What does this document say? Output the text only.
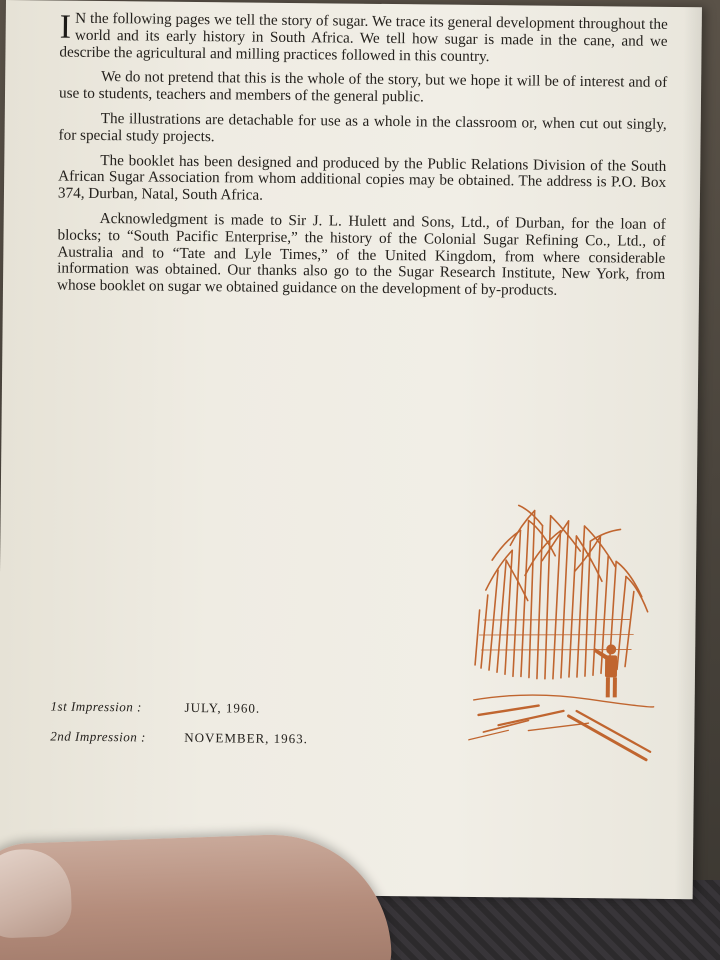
I N the following pages we tell the story of sugar. We trace its general development throughout the world and its early history in South Africa. We tell how sugar is made in the cane, and we describe the agricultural and milling practices followed in this country.

We do not pretend that this is the whole of the story, but we hope it will be of interest and of use to students, teachers and members of the general public.

The illustrations are detachable for use as a whole in the classroom or, when cut out singly, for special study projects.

The booklet has been designed and produced by the Public Relations Division of the South African Sugar Association from whom additional copies may be obtained. The address is P.O. Box 374, Durban, Natal, South Africa.

Acknowledgment is made to Sir J. L. Hulett and Sons, Ltd., of Durban, for the loan of blocks; to “South Pacific Enterprise,” the history of the Colonial Sugar Refining Co., Ltd., of Australia and to “Tate and Lyle Times,” of the United Kingdom, from where considerable information was obtained. Our thanks also go to the Sugar Research Institute, New York, from whose booklet on sugar we obtained guidance on the development of by-products.

1st Impression :	JULY, 1960.
2nd Impression :	NOVEMBER, 1963.
